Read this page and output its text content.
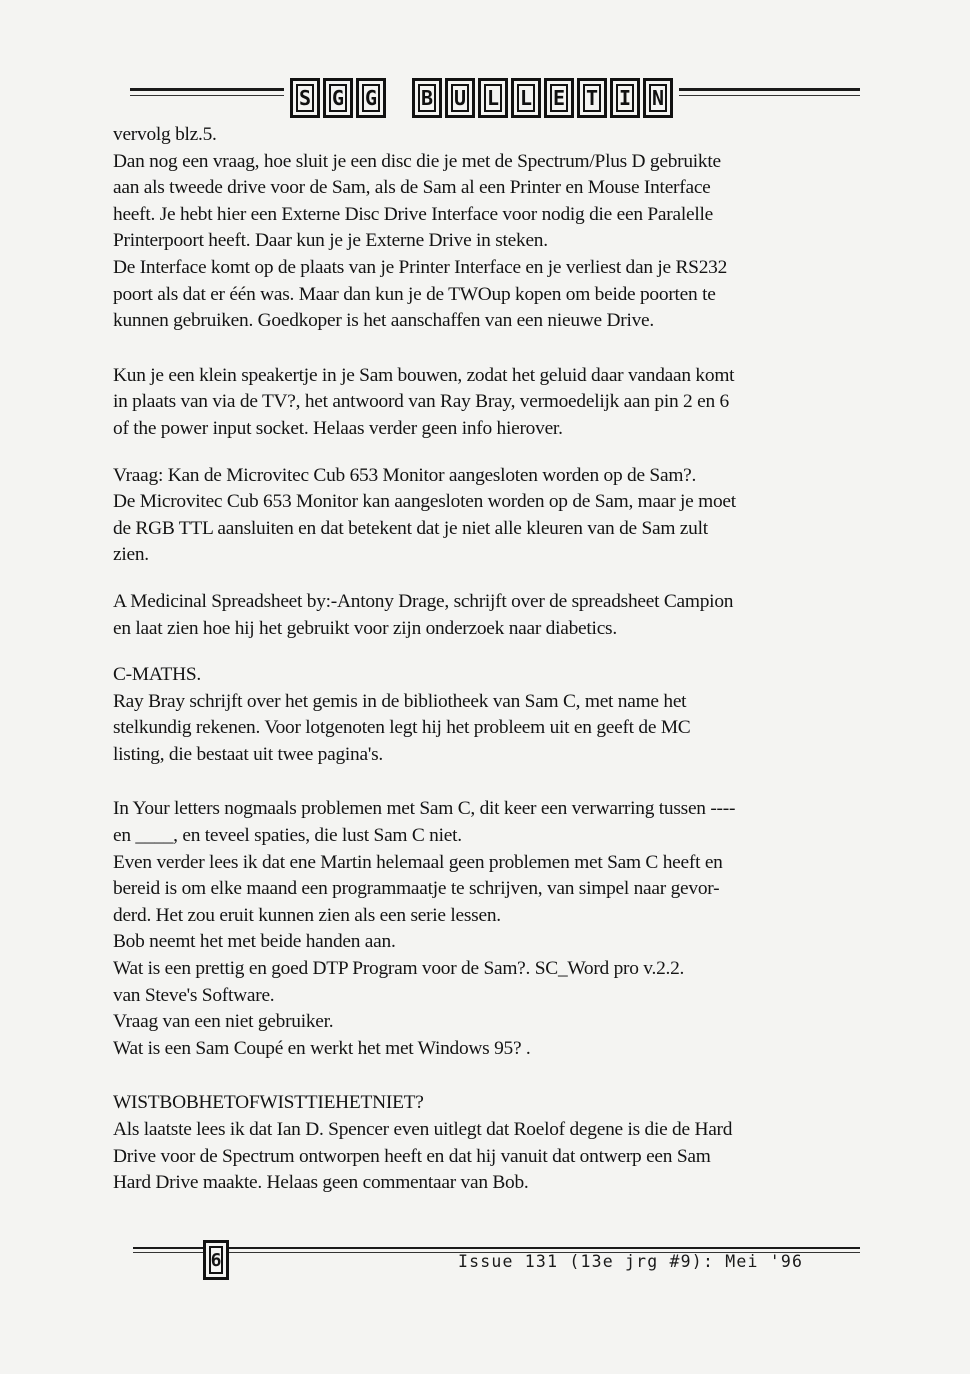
S G G B U L L E T I N

vervolg blz.5.

Dan nog een vraag, hoe sluit je een disc die je met de Spectrum/Plus D gebruikte

aan als tweede drive voor de Sam, als de Sam al een Printer en Mouse Interface

heeft. Je hebt hier een Externe Disc Drive Interface voor nodig die een Paralelle

Printerpoort heeft. Daar kun je je Externe Drive in steken.

De Interface komt op de plaats van je Printer Interface en je verliest dan je RS232

poort als dat er één was. Maar dan kun je de TWOup kopen om beide poorten te

kunnen gebruiken. Goedkoper is het aanschaffen van een nieuwe Drive.

Kun je een klein speakertje in je Sam bouwen, zodat het geluid daar vandaan komt

in plaats van via de TV?, het antwoord van Ray Bray, vermoedelijk aan pin 2 en 6

of the power input socket. Helaas verder geen info hierover.

Vraag: Kan de Microvitec Cub 653 Monitor aangesloten worden op de Sam?.

De Microvitec Cub 653 Monitor kan aangesloten worden op de Sam, maar je moet

de RGB TTL aansluiten en dat betekent dat je niet alle kleuren van de Sam zult

zien.

A Medicinal Spreadsheet by:-Antony Drage, schrijft over de spreadsheet Campion

en laat zien hoe hij het gebruikt voor zijn onderzoek naar diabetics.

C-MATHS.

Ray Bray schrijft over het gemis in de bibliotheek van Sam C, met name het

stelkundig rekenen. Voor lotgenoten legt hij het probleem uit en geeft de MC

listing, die bestaat uit twee pagina's.

In Your letters nogmaals problemen met Sam C, dit keer een verwarring tussen ----

en ____, en teveel spaties, die lust Sam C niet.

Even verder lees ik dat ene Martin helemaal geen problemen met Sam C heeft en

bereid is om elke maand een programmaatje te schrijven, van simpel naar gevor-

derd. Het zou eruit kunnen zien als een serie lessen.

Bob neemt het met beide handen aan.

Wat is een prettig en goed DTP Program voor de Sam?. SC_Word pro v.2.2.

van Steve's Software.

Vraag van een niet gebruiker.

Wat is een Sam Coupé en werkt het met Windows 95? .

WISTBOBHETOFWISTTIEHETNIET?

Als laatste lees ik dat Ian D. Spencer even uitlegt dat Roelof degene is die de Hard

Drive voor de Spectrum ontworpen heeft en dat hij vanuit dat ontwerp een Sam

Hard Drive maakte. Helaas geen commentaar van Bob.

6	Issue 131 (13e jrg #9): Mei '96
